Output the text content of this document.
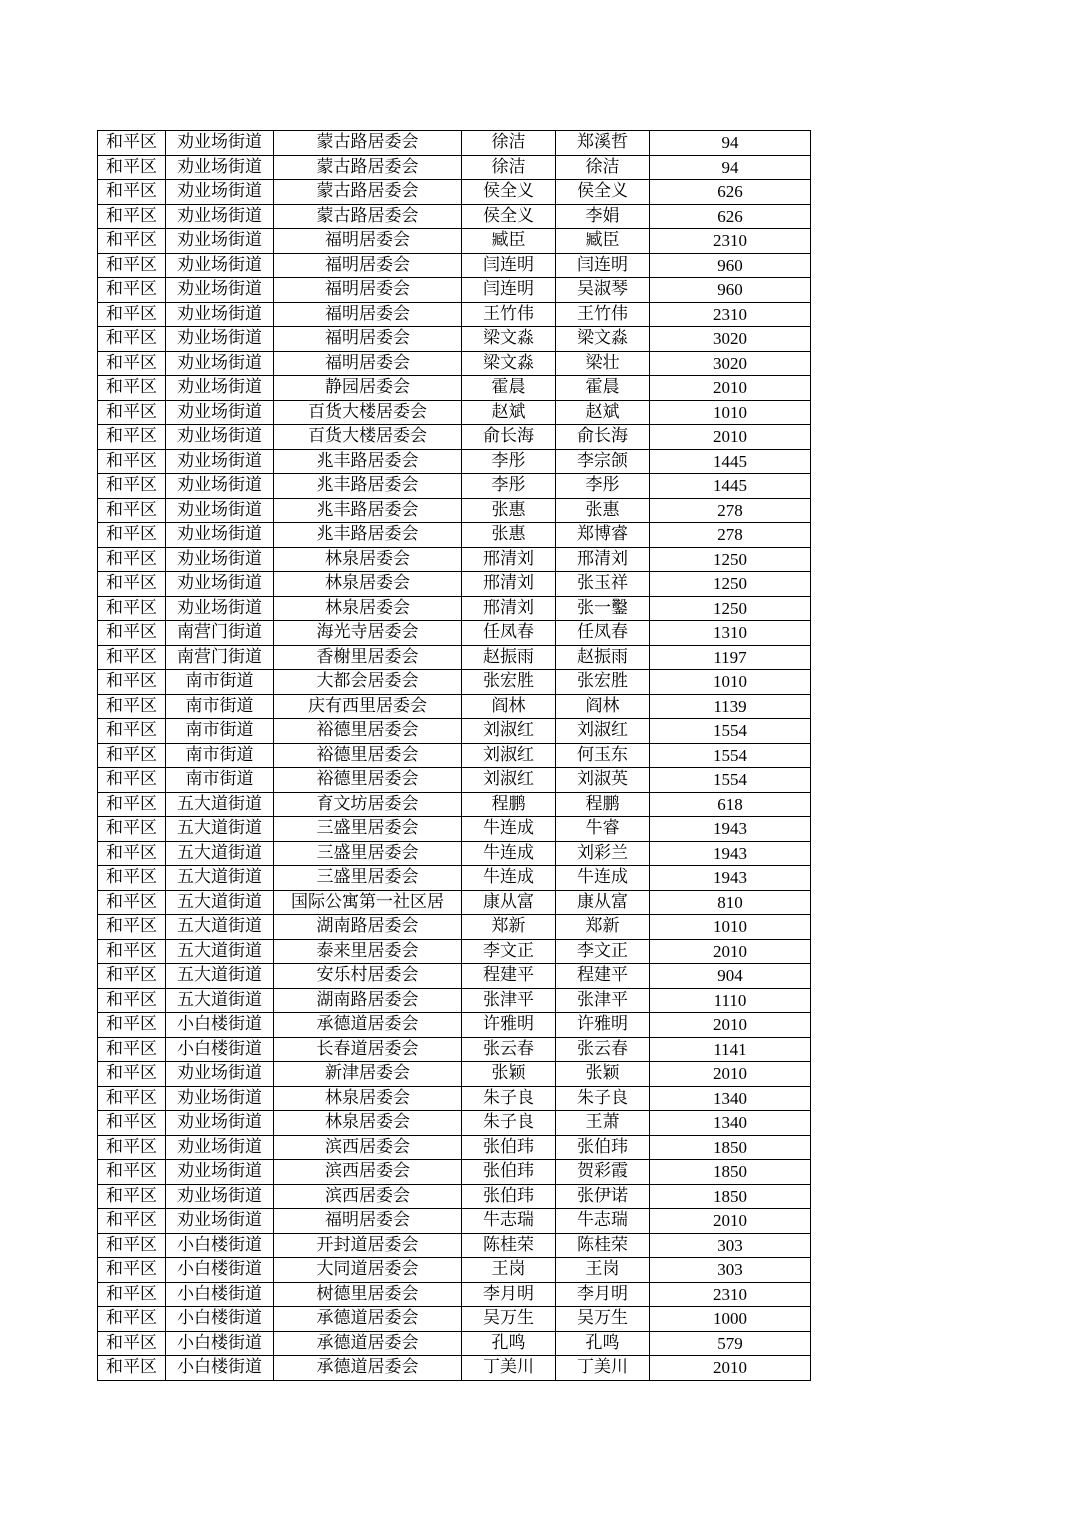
和平区	劝业场街道	蒙古路居委会	徐洁	郑溪哲	94
和平区	劝业场街道	蒙古路居委会	徐洁	徐洁	94
和平区	劝业场街道	蒙古路居委会	侯全义	侯全义	626
和平区	劝业场街道	蒙古路居委会	侯全义	李娟	626
和平区	劝业场街道	福明居委会	臧臣	臧臣	2310
和平区	劝业场街道	福明居委会	闫连明	闫连明	960
和平区	劝业场街道	福明居委会	闫连明	吴淑琴	960
和平区	劝业场街道	福明居委会	王竹伟	王竹伟	2310
和平区	劝业场街道	福明居委会	梁文淼	梁文淼	3020
和平区	劝业场街道	福明居委会	梁文淼	梁壮	3020
和平区	劝业场街道	静园居委会	霍晨	霍晨	2010
和平区	劝业场街道	百货大楼居委会	赵斌	赵斌	1010
和平区	劝业场街道	百货大楼居委会	俞长海	俞长海	2010
和平区	劝业场街道	兆丰路居委会	李彤	李宗颌	1445
和平区	劝业场街道	兆丰路居委会	李彤	李彤	1445
和平区	劝业场街道	兆丰路居委会	张惠	张惠	278
和平区	劝业场街道	兆丰路居委会	张惠	郑博睿	278
和平区	劝业场街道	林泉居委会	邢清刘	邢清刘	1250
和平区	劝业场街道	林泉居委会	邢清刘	张玉祥	1250
和平区	劝业场街道	林泉居委会	邢清刘	张一鑿	1250
和平区	南营门街道	海光寺居委会	任凤春	任凤春	1310
和平区	南营门街道	香榭里居委会	赵振雨	赵振雨	1197
和平区	南市街道	大都会居委会	张宏胜	张宏胜	1010
和平区	南市街道	庆有西里居委会	阎林	阎林	1139
和平区	南市街道	裕德里居委会	刘淑红	刘淑红	1554
和平区	南市街道	裕德里居委会	刘淑红	何玉东	1554
和平区	南市街道	裕德里居委会	刘淑红	刘淑英	1554
和平区	五大道街道	育文坊居委会	程鹏	程鹏	618
和平区	五大道街道	三盛里居委会	牛连成	牛睿	1943
和平区	五大道街道	三盛里居委会	牛连成	刘彩兰	1943
和平区	五大道街道	三盛里居委会	牛连成	牛连成	1943
和平区	五大道街道	国际公寓第一社区居	康从富	康从富	810
和平区	五大道街道	湖南路居委会	郑新	郑新	1010
和平区	五大道街道	泰来里居委会	李文正	李文正	2010
和平区	五大道街道	安乐村居委会	程建平	程建平	904
和平区	五大道街道	湖南路居委会	张津平	张津平	1110
和平区	小白楼街道	承德道居委会	许雅明	许雅明	2010
和平区	小白楼街道	长春道居委会	张云春	张云春	1141
和平区	劝业场街道	新津居委会	张颖	张颖	2010
和平区	劝业场街道	林泉居委会	朱子良	朱子良	1340
和平区	劝业场街道	林泉居委会	朱子良	王萧	1340
和平区	劝业场街道	滨西居委会	张伯玮	张伯玮	1850
和平区	劝业场街道	滨西居委会	张伯玮	贺彩霞	1850
和平区	劝业场街道	滨西居委会	张伯玮	张伊诺	1850
和平区	劝业场街道	福明居委会	牛志瑞	牛志瑞	2010
和平区	小白楼街道	开封道居委会	陈桂荣	陈桂荣	303
和平区	小白楼街道	大同道居委会	王岗	王岗	303
和平区	小白楼街道	树德里居委会	李月明	李月明	2310
和平区	小白楼街道	承德道居委会	吴万生	吴万生	1000
和平区	小白楼街道	承德道居委会	孔鸣	孔鸣	579
和平区	小白楼街道	承德道居委会	丁美川	丁美川	2010
